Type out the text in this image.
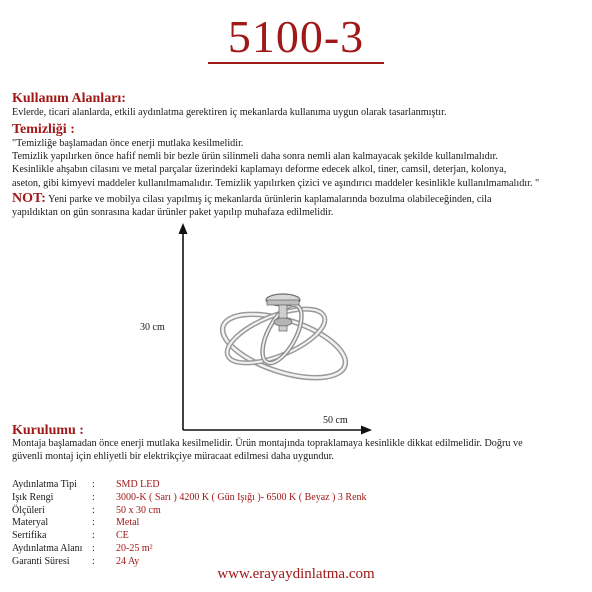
5100-3
Kullanım Alanları:

Evlerde, ticari alanlarda, etkili aydınlatma gerektiren iç mekanlarda kullanıma uygun olarak tasarlanmıştır.

Temizliği :

"Temizliğe başlamadan önce enerji mutlaka kesilmelidir.

Temizlik yapılırken önce hafif nemli bir bezle ürün silinmeli daha sonra nemli alan kalmayacak şekilde kullanılmalıdır.

Kesinlikle ahşabın cilasını ve metal parçalar üzerindeki kaplamayı deforme edecek alkol, tiner, camsil, deterjan, kolonya,

aseton, gibi kimyevi maddeler kullanılmamalıdır. Temizlik yapılırken çizici ve aşındırıcı maddeler kesinlikle kullanılmamalıdır. "

NOT: Yeni parke ve mobilya cilası yapılmış iç mekanlarda ürünlerin kaplamalarında bozulma olabileceğinden, cila

yapıldıktan on gün sonrasına kadar ürünler paket yapılıp muhafaza edilmelidir.

30 cm
50 cm
Kurulumu :

Montaja başlamadan önce enerji mutlaka kesilmelidir. Ürün montajında topraklamaya kesinlikle dikkat edilmelidir. Doğru ve

güvenli montaj için ehliyetli bir elektrikçiye müracaat edilmesi daha uygundur.

Aydınlatma Tipi	:	SMD LED
Işık Rengi	:	3000-K ( Sarı ) 4200 K ( Gün Işığı )- 6500 K ( Beyaz ) 3 Renk
Ölçüleri	:	50 x 30 cm
Materyal	:	Metal
Sertifika	:	CE
Aydınlatma Alanı :	20-25 m²
Garanti Süresi	:	24 Ay
www.erayaydinlatma.com
